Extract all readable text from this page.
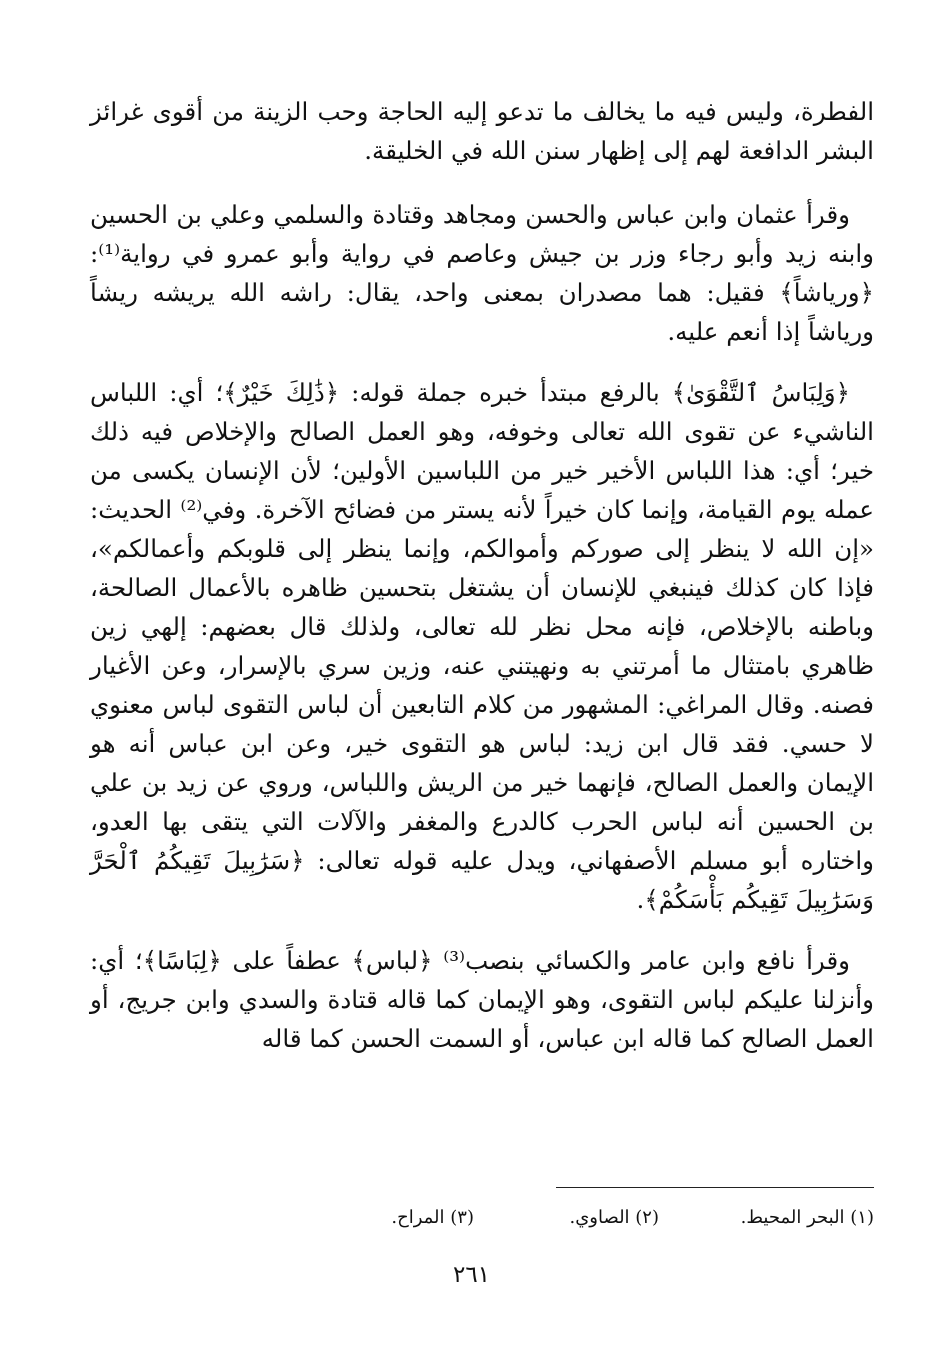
الفطرة، وليس فيه ما يخالف ما تدعو إليه الحاجة وحب الزينة من أقوى غرائز البشر الدافعة لهم إلى إظهار سنن الله في الخليقة.

وقرأ عثمان وابن عباس والحسن ومجاهد وقتادة والسلمي وعلي بن الحسين وابنه زيد وأبو رجاء وزر بن جيش وعاصم في رواية وأبو عمرو في رواية⁽¹⁾: ﴿ورياشاً﴾ فقيل: هما مصدران بمعنى واحد، يقال: راشه الله يريشه ريشاً ورياشاً إذا أنعم عليه.

﴿وَلِبَاسُ ٱلتَّقْوَىٰ﴾ بالرفع مبتدأ خبره جملة قوله: ﴿ذَٰلِكَ خَيْرٌ﴾؛ أي: اللباس الناشيء عن تقوى الله تعالى وخوفه، وهو العمل الصالح والإخلاص فيه ذلك خير؛ أي: هذا اللباس الأخير خير من اللباسين الأولين؛ لأن الإنسان يكسى من عمله يوم القيامة، وإنما كان خيراً لأنه يستر من فضائح الآخرة. وفي⁽²⁾ الحديث: «إن الله لا ينظر إلى صوركم وأموالكم، وإنما ينظر إلى قلوبكم وأعمالكم»، فإذا كان كذلك فينبغي للإنسان أن يشتغل بتحسين ظاهره بالأعمال الصالحة، وباطنه بالإخلاص، فإنه محل نظر لله تعالى، ولذلك قال بعضهم: إلهي زين ظاهري بامتثال ما أمرتني به ونهيتني عنه، وزين سري بالإسرار، وعن الأغيار فصنه. وقال المراغي: المشهور من كلام التابعين أن لباس التقوى لباس معنوي لا حسي. فقد قال ابن زيد: لباس هو التقوى خير، وعن ابن عباس أنه هو الإيمان والعمل الصالح، فإنهما خير من الريش واللباس، وروي عن زيد بن علي بن الحسين أنه لباس الحرب كالدرع والمغفر والآلات التي يتقى بها العدو، واختاره أبو مسلم الأصفهاني، ويدل عليه قوله تعالى: ﴿سَرَٰبِيلَ تَقِيكُمُ ٱلْحَرَّ وَسَرَٰبِيلَ تَقِيكُم بَأْسَكُمْ﴾.

وقرأ نافع وابن عامر والكسائي بنصب⁽³⁾ ﴿لباس﴾ عطفاً على ﴿لِبَاسًا﴾؛ أي: وأنزلنا عليكم لباس التقوى، وهو الإيمان كما قاله قتادة والسدي وابن جريج، أو العمل الصالح كما قاله ابن عباس، أو السمت الحسن كما قاله

(١) البحر المحيط.
(٢) الصاوي.
(٣) المراح.
٢٦١
